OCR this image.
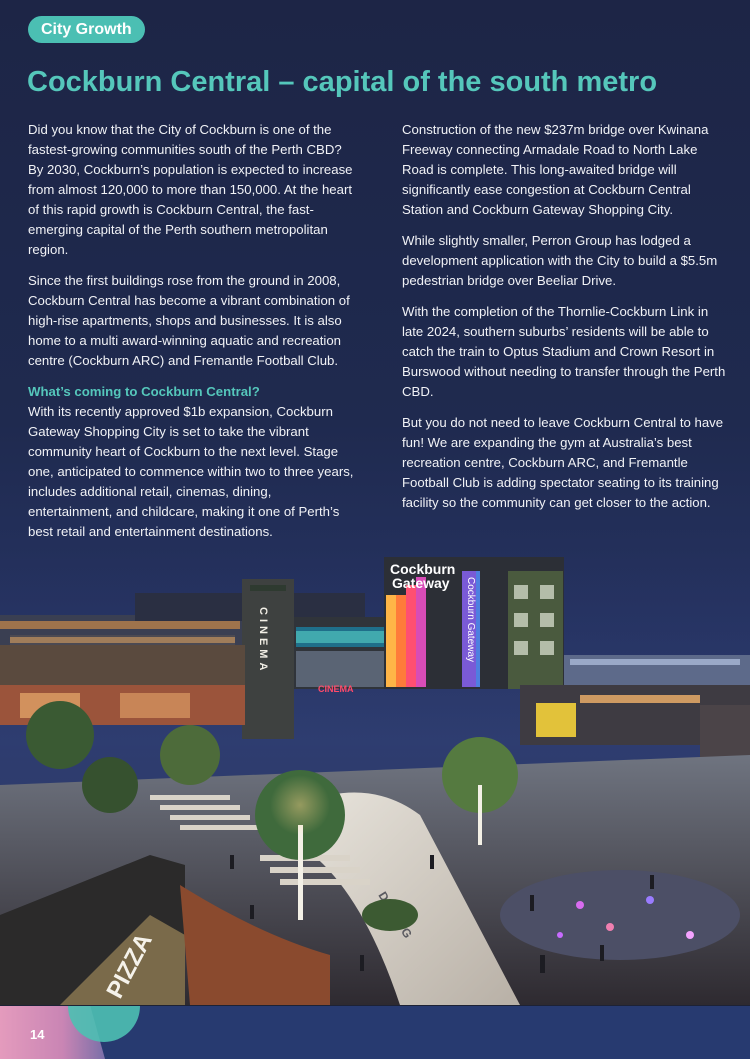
City Growth
Cockburn Central – capital of the south metro

Did you know that the City of Cockburn is one of the fastest-growing communities south of the Perth CBD? By 2030, Cockburn’s population is expected to increase from almost 120,000 to more than 150,000. At the heart of this rapid growth is Cockburn Central, the fast-emerging capital of the Perth southern metropolitan region.

Since the first buildings rose from the ground in 2008, Cockburn Central has become a vibrant combination of high-rise apartments, shops and businesses. It is also home to a multi award-winning aquatic and recreation centre (Cockburn ARC) and Fremantle Football Club.

What’s coming to Cockburn Central?

With its recently approved $1b expansion, Cockburn Gateway Shopping City is set to take the vibrant community heart of Cockburn to the next level. Stage one, anticipated to commence within two to three years, includes additional retail, cinemas, dining, entertainment, and childcare, making it one of Perth’s best retail and entertainment destinations.

Construction of the new $237m bridge over Kwinana Freeway connecting Armadale Road to North Lake Road is complete. This long-awaited bridge will significantly ease congestion at Cockburn Central Station and Cockburn Gateway Shopping City.

While slightly smaller, Perron Group has lodged a development application with the City to build a $5.5m pedestrian bridge over Beeliar Drive.

With the completion of the Thornlie-Cockburn Link in late 2024, southern suburbs’ residents will be able to catch the train to Optus Stadium and Crown Resort in Burswood without needing to transfer through the Perth CBD.

But you do not need to leave Cockburn Central to have fun! We are expanding the gym at Australia’s best recreation centre, Cockburn ARC, and Fremantle Football Club is adding spectator seating to its training facility so the community can get closer to the action.

CINEMA
CINEMA
Cockburn
Gateway Cockburn Gateway
PIZZA
14
